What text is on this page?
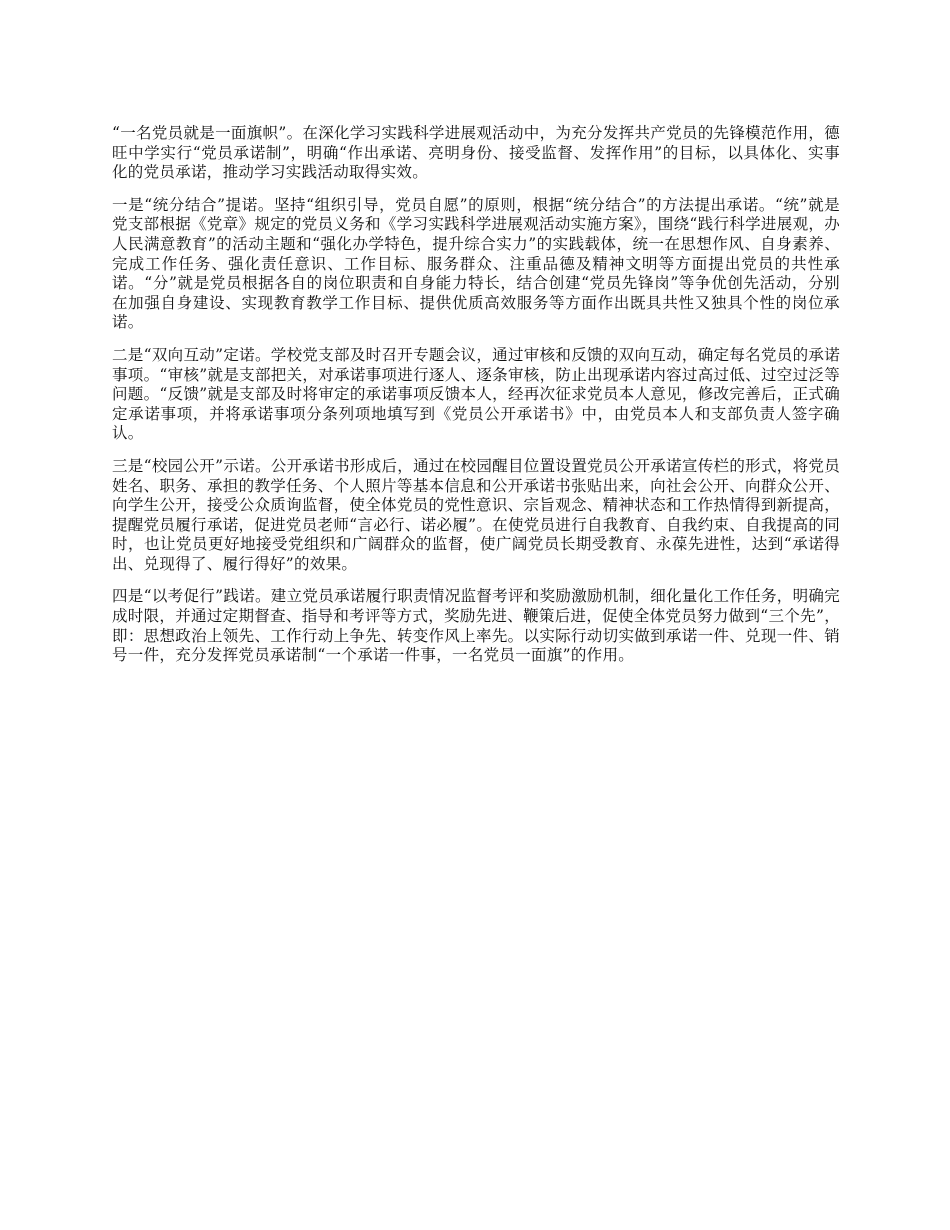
“一名党员就是一面旗帜”。在深化学习实践科学进展观活动中，为充分发挥共产党员的先锋模范作用，德旺中学实行“党员承诺制”，明确“作出承诺、亮明身份、接受监督、发挥作用”的目标，以具体化、实事化的党员承诺，推动学习实践活动取得实效。

一是“统分结合”提诺。坚持“组织引导，党员自愿”的原则，根据“统分结合”的方法提出承诺。“统”就是党支部根据《党章》规定的党员义务和《学习实践科学进展观活动实施方案》，围绕“践行科学进展观，办人民满意教育”的活动主题和“强化办学特色，提升综合实力”的实践载体，统一在思想作风、自身素养、完成工作任务、强化责任意识、工作目标、服务群众、注重品德及精神文明等方面提出党员的共性承诺。“分”就是党员根据各自的岗位职责和自身能力特长，结合创建“党员先锋岗”等争优创先活动，分别在加强自身建设、实现教育教学工作目标、提供优质高效服务等方面作出既具共性又独具个性的岗位承诺。

二是“双向互动”定诺。学校党支部及时召开专题会议，通过审核和反馈的双向互动，确定每名党员的承诺事项。“审核”就是支部把关，对承诺事项进行逐人、逐条审核，防止出现承诺内容过高过低、过空过泛等问题。“反馈”就是支部及时将审定的承诺事项反馈本人，经再次征求党员本人意见，修改完善后，正式确定承诺事项，并将承诺事项分条列项地填写到《党员公开承诺书》中，由党员本人和支部负责人签字确认。

三是“校园公开”示诺。公开承诺书形成后，通过在校园醒目位置设置党员公开承诺宣传栏的形式，将党员姓名、职务、承担的教学任务、个人照片等基本信息和公开承诺书张贴出来，向社会公开、向群众公开、向学生公开，接受公众质询监督，使全体党员的党性意识、宗旨观念、精神状态和工作热情得到新提高，提醒党员履行承诺，促进党员老师“言必行、诺必履”。在使党员进行自我教育、自我约束、自我提高的同时，也让党员更好地接受党组织和广阔群众的监督，使广阔党员长期受教育、永葆先进性，达到“承诺得出、兑现得了、履行得好”的效果。

四是“以考促行”践诺。建立党员承诺履行职责情况监督考评和奖励激励机制，细化量化工作任务，明确完成时限，并通过定期督查、指导和考评等方式，奖励先进、鞭策后进，促使全体党员努力做到“三个先”，即：思想政治上领先、工作行动上争先、转变作风上率先。以实际行动切实做到承诺一件、兑现一件、销号一件，充分发挥党员承诺制“一个承诺一件事，一名党员一面旗”的作用。
